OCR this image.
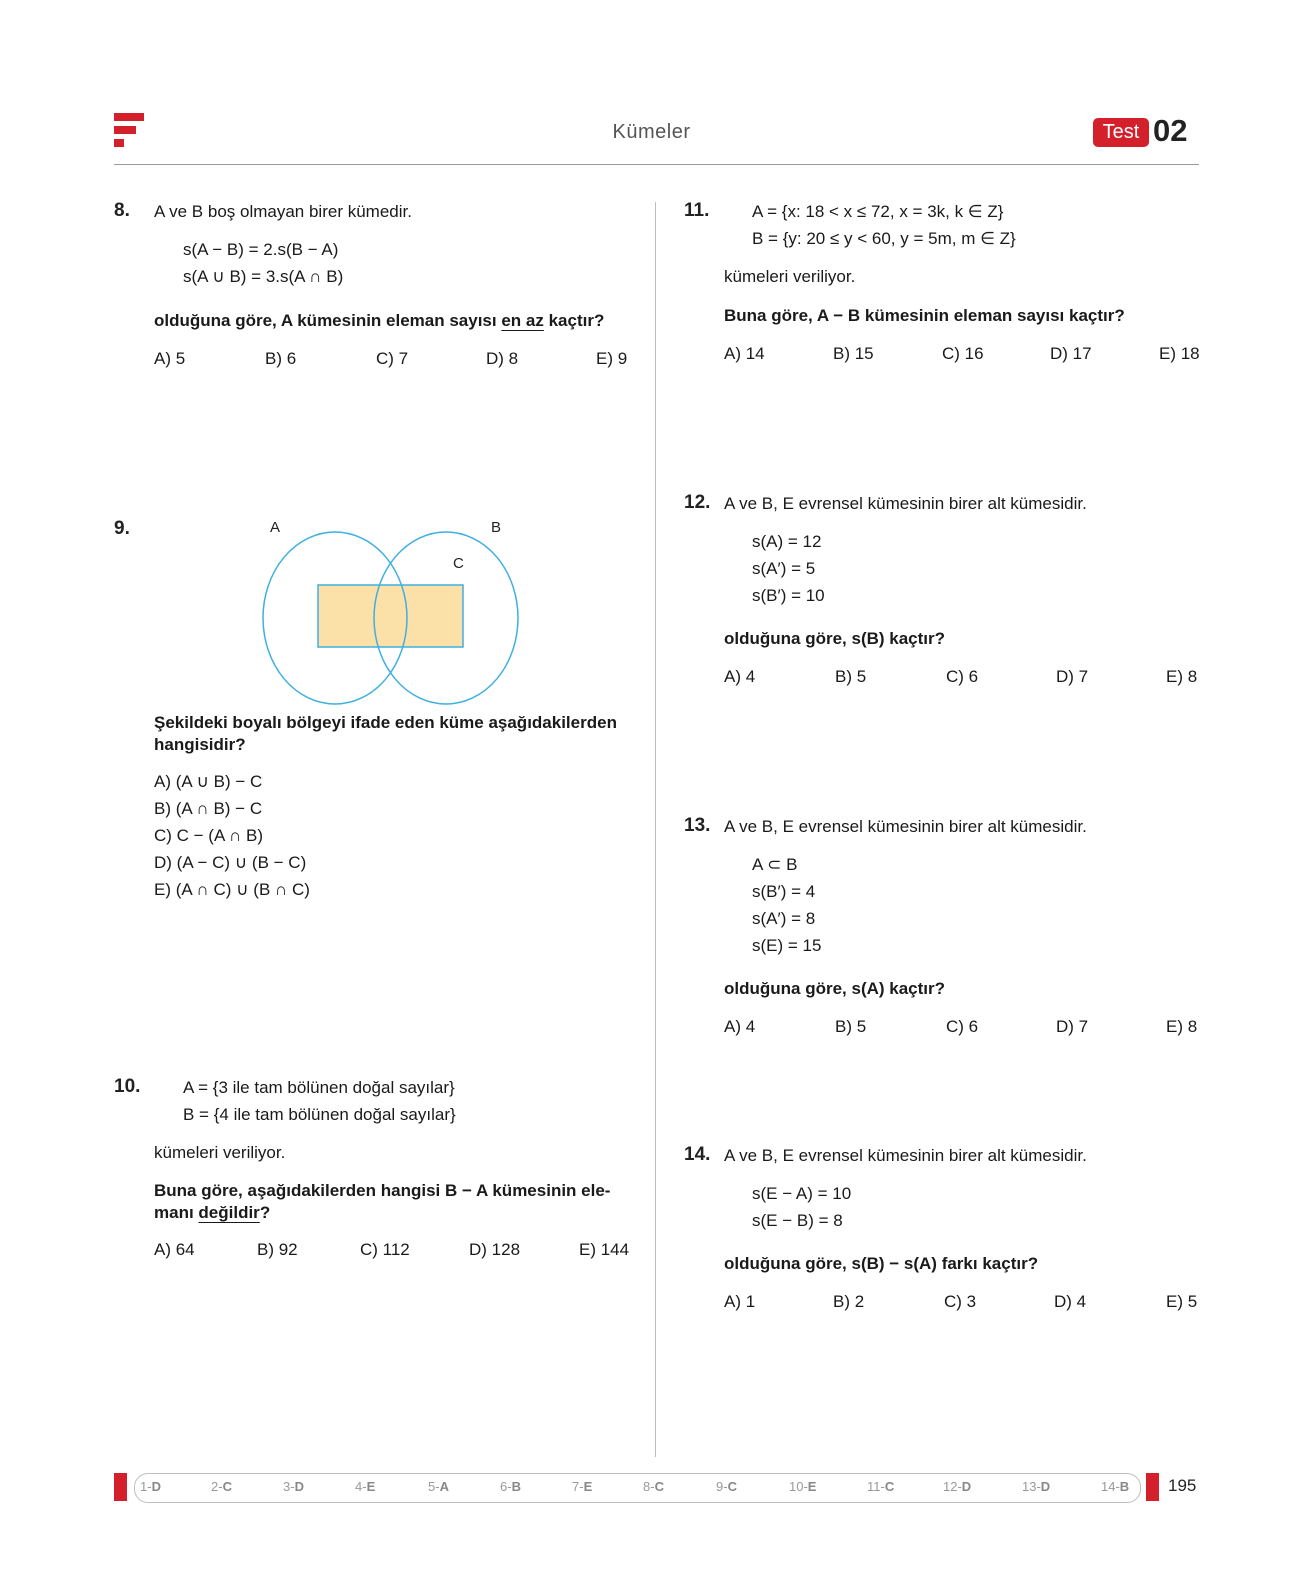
Kümeler	Test 02
8. A ve B boş olmayan birer kümedir.
s(A − B) = 2.s(B − A)
s(A ∪ B) = 3.s(A ∩ B)
olduğuna göre, A kümesinin eleman sayısı en az kaçtır?
A) 5	B) 6	C) 7	D) 8	E) 9
9.	A	B
C
Şekildeki boyalı bölgeyi ifade eden küme aşağıdakilerden
hangisidir?
A) (A ∪ B) − C
B) (A ∩ B) − C
C) C − (A ∩ B)
D) (A − C) ∪ (B − C)
E) (A ∩ C) ∪ (B ∩ C)
10.	A = {3 ile tam bölünen doğal sayılar}
B = {4 ile tam bölünen doğal sayılar}
kümeleri veriliyor.
Buna göre, aşağıdakilerden hangisi B − A kümesinin ele-
manı değildir?
A) 64	B) 92	C) 112	D) 128	E) 144
11.	A = {x: 18 < x ≤ 72, x = 3k, k ∈ Z}
B = {y: 20 ≤ y < 60, y = 5m, m ∈ Z}
kümeleri veriliyor.
Buna göre, A − B kümesinin eleman sayısı kaçtır?
A) 14	B) 15	C) 16	D) 17	E) 18
12. A ve B, E evrensel kümesinin birer alt kümesidir.
s(A) = 12
s(A′) = 5
s(B′) = 10
olduğuna göre, s(B) kaçtır?
A) 4	B) 5	C) 6	D) 7	E) 8
13. A ve B, E evrensel kümesinin birer alt kümesidir.
A ⊂ B
s(B′) = 4
s(A′) = 8
s(E) = 15
olduğuna göre, s(A) kaçtır?
A) 4	B) 5	C) 6	D) 7	E) 8
14. A ve B, E evrensel kümesinin birer alt kümesidir.
s(E − A) = 10
s(E − B) = 8
olduğuna göre, s(B) − s(A) farkı kaçtır?
A) 1	B) 2	C) 3	D) 4	E) 5
1-D	2-C	3-D	4-E	5-A	6-B	7-E	8-C	9-C	10-E	11-C	12-D	13-D	14-B 195
